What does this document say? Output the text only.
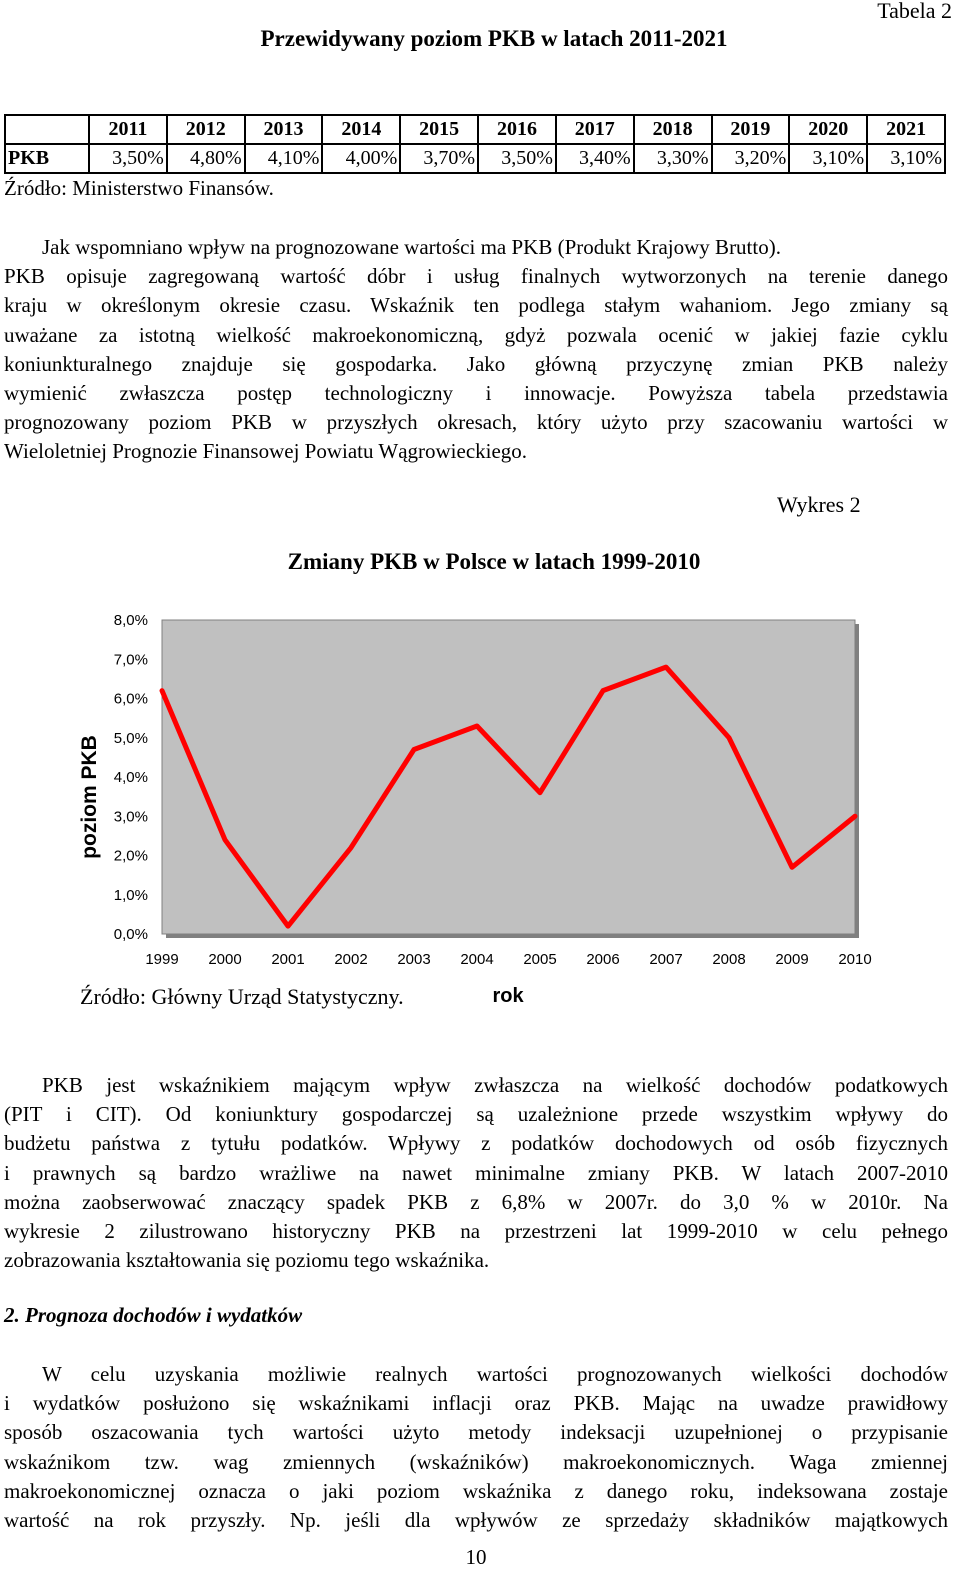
Tabela 2
Przewidywany poziom PKB w latach 2011-2021
	2011	2012	2013	2014	2015	2016	2017	2018	2019	2020	2021
PKB	3,50%	4,80%	4,10%	4,00%	3,70%	3,50%	3,40%	3,30%	3,20%	3,10%	3,10%
Źródło: Ministerstwo Finansów.
Jak wspomniano wpływ na prognozowane wartości ma PKB (Produkt Krajowy Brutto).
PKB opisuje zagregowaną wartość dóbr i usług finalnych wytworzonych na terenie danego
kraju w określonym okresie czasu. Wskaźnik ten podlega stałym wahaniom. Jego zmiany są
uważane za istotną wielkość makroekonomiczną, gdyż pozwala ocenić w jakiej fazie cyklu
koniunkturalnego znajduje się gospodarka. Jako główną przyczynę zmian PKB należy
wymienić zwłaszcza postęp technologiczny i innowacje. Powyższa tabela przedstawia
prognozowany poziom PKB w przyszłych okresach, który użyto przy szacowaniu wartości w
Wieloletniej Prognozie Finansowej Powiatu Wągrowieckiego.
Wykres 2
Zmiany PKB w Polsce w latach 1999-2010
0,0%
1,0%
2,0%
3,0%
4,0%
5,0%
6,0%
7,0%
8,0%
1999 2000 2001 2002 2003 2004 2005 2006 2007 2008 2009 2010
poziom PKB
rok
Źródło: Główny Urząd Statystyczny.
PKB jest wskaźnikiem mającym wpływ zwłaszcza na wielkość dochodów podatkowych
(PIT i CIT). Od koniunktury gospodarczej są uzależnione przede wszystkim wpływy do
budżetu państwa z tytułu podatków. Wpływy z podatków dochodowych od osób fizycznych
i prawnych są bardzo wrażliwe na nawet minimalne zmiany PKB. W latach 2007-2010
można zaobserwować znaczący spadek PKB z 6,8% w 2007r. do 3,0 % w 2010r. Na
wykresie 2 zilustrowano historyczny PKB na przestrzeni lat 1999-2010 w celu pełnego
zobrazowania kształtowania się poziomu tego wskaźnika.
2. Prognoza dochodów i wydatków
W celu uzyskania możliwie realnych wartości prognozowanych wielkości dochodów
i wydatków posłużono się wskaźnikami inflacji oraz PKB. Mając na uwadze prawidłowy
sposób oszacowania tych wartości użyto metody indeksacji uzupełnionej o przypisanie
wskaźnikom tzw. wag zmiennych (wskaźników) makroekonomicznych. Waga zmiennej
makroekonomicznej oznacza o jaki poziom wskaźnika z danego roku, indeksowana zostaje
wartość na rok przyszły. Np. jeśli dla wpływów ze sprzedaży składników majątkowych
10
